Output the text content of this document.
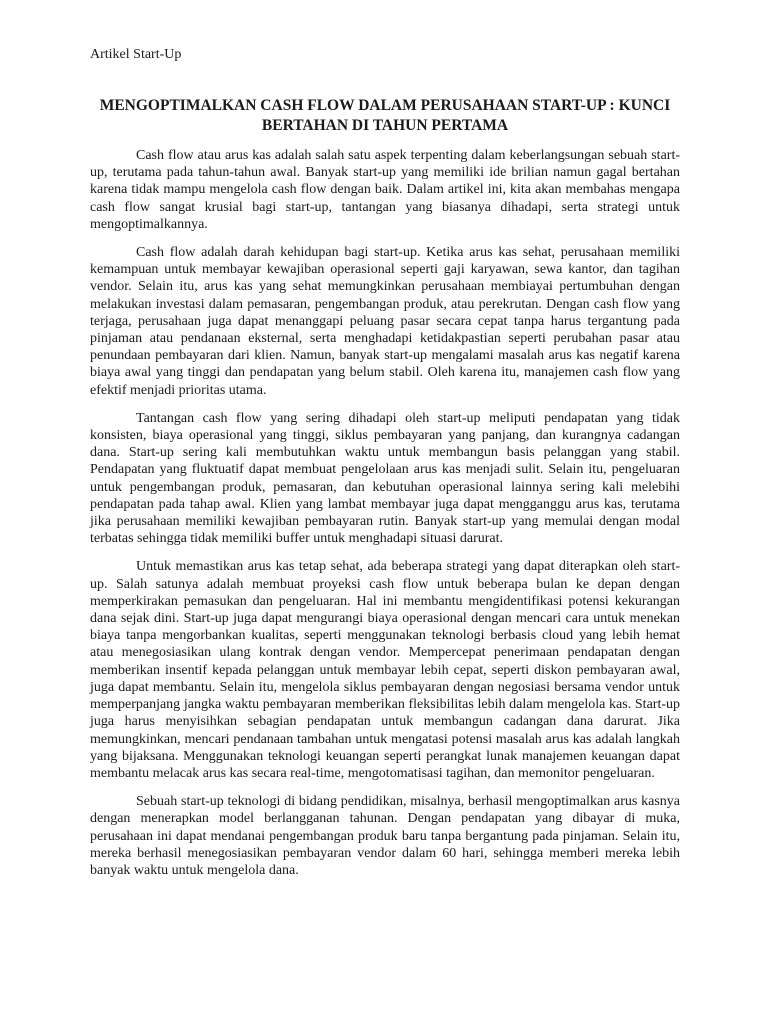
Artikel Start-Up

MENGOPTIMALKAN CASH FLOW DALAM PERUSAHAAN START-UP : KUNCI BERTAHAN DI TAHUN PERTAMA

Cash flow atau arus kas adalah salah satu aspek terpenting dalam keberlangsungan sebuah start-up, terutama pada tahun-tahun awal. Banyak start-up yang memiliki ide brilian namun gagal bertahan karena tidak mampu mengelola cash flow dengan baik. Dalam artikel ini, kita akan membahas mengapa cash flow sangat krusial bagi start-up, tantangan yang biasanya dihadapi, serta strategi untuk mengoptimalkannya.

Cash flow adalah darah kehidupan bagi start-up. Ketika arus kas sehat, perusahaan memiliki kemampuan untuk membayar kewajiban operasional seperti gaji karyawan, sewa kantor, dan tagihan vendor. Selain itu, arus kas yang sehat memungkinkan perusahaan membiayai pertumbuhan dengan melakukan investasi dalam pemasaran, pengembangan produk, atau perekrutan. Dengan cash flow yang terjaga, perusahaan juga dapat menanggapi peluang pasar secara cepat tanpa harus tergantung pada pinjaman atau pendanaan eksternal, serta menghadapi ketidakpastian seperti perubahan pasar atau penundaan pembayaran dari klien. Namun, banyak start-up mengalami masalah arus kas negatif karena biaya awal yang tinggi dan pendapatan yang belum stabil. Oleh karena itu, manajemen cash flow yang efektif menjadi prioritas utama.

Tantangan cash flow yang sering dihadapi oleh start-up meliputi pendapatan yang tidak konsisten, biaya operasional yang tinggi, siklus pembayaran yang panjang, dan kurangnya cadangan dana. Start-up sering kali membutuhkan waktu untuk membangun basis pelanggan yang stabil. Pendapatan yang fluktuatif dapat membuat pengelolaan arus kas menjadi sulit. Selain itu, pengeluaran untuk pengembangan produk, pemasaran, dan kebutuhan operasional lainnya sering kali melebihi pendapatan pada tahap awal. Klien yang lambat membayar juga dapat mengganggu arus kas, terutama jika perusahaan memiliki kewajiban pembayaran rutin. Banyak start-up yang memulai dengan modal terbatas sehingga tidak memiliki buffer untuk menghadapi situasi darurat.

Untuk memastikan arus kas tetap sehat, ada beberapa strategi yang dapat diterapkan oleh start-up. Salah satunya adalah membuat proyeksi cash flow untuk beberapa bulan ke depan dengan memperkirakan pemasukan dan pengeluaran. Hal ini membantu mengidentifikasi potensi kekurangan dana sejak dini. Start-up juga dapat mengurangi biaya operasional dengan mencari cara untuk menekan biaya tanpa mengorbankan kualitas, seperti menggunakan teknologi berbasis cloud yang lebih hemat atau menegosiasikan ulang kontrak dengan vendor. Mempercepat penerimaan pendapatan dengan memberikan insentif kepada pelanggan untuk membayar lebih cepat, seperti diskon pembayaran awal, juga dapat membantu. Selain itu, mengelola siklus pembayaran dengan negosiasi bersama vendor untuk memperpanjang jangka waktu pembayaran memberikan fleksibilitas lebih dalam mengelola kas. Start-up juga harus menyisihkan sebagian pendapatan untuk membangun cadangan dana darurat. Jika memungkinkan, mencari pendanaan tambahan untuk mengatasi potensi masalah arus kas adalah langkah yang bijaksana. Menggunakan teknologi keuangan seperti perangkat lunak manajemen keuangan dapat membantu melacak arus kas secara real-time, mengotomatisasi tagihan, dan memonitor pengeluaran.

Sebuah start-up teknologi di bidang pendidikan, misalnya, berhasil mengoptimalkan arus kasnya dengan menerapkan model berlangganan tahunan. Dengan pendapatan yang dibayar di muka, perusahaan ini dapat mendanai pengembangan produk baru tanpa bergantung pada pinjaman. Selain itu, mereka berhasil menegosiasikan pembayaran vendor dalam 60 hari, sehingga memberi mereka lebih banyak waktu untuk mengelola dana.
